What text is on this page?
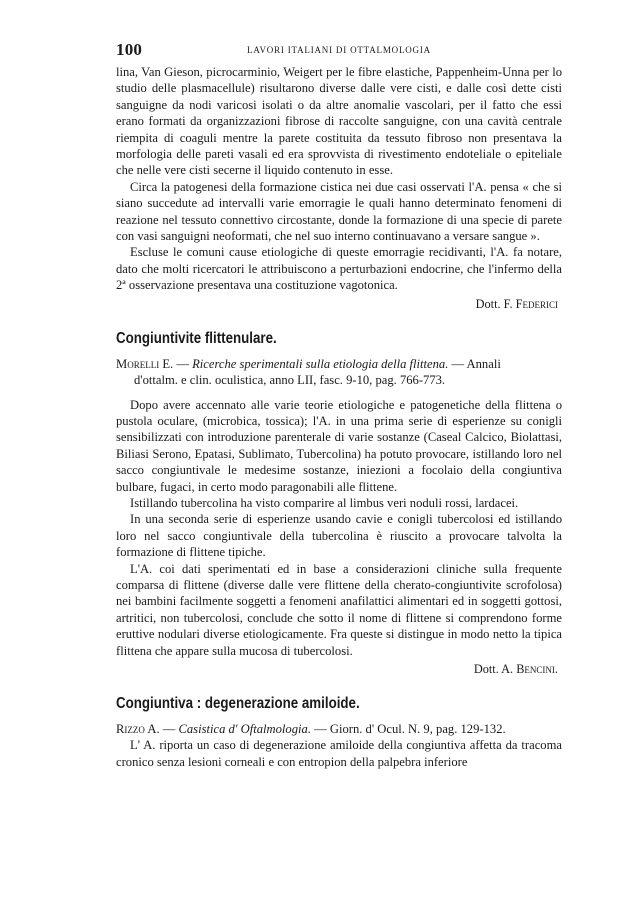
100	LAVORI ITALIANI DI OTTALMOLOGIA

lina, Van Gieson, picrocarminio, Weigert per le fibre elastiche, Pappenheim-Unna per lo studio delle plasmacellule) risultarono diverse dalle vere cisti, e dalle così dette cisti sanguigne da nodi varicosi isolati o da altre anomalie vascolari, per il fatto che essi erano formati da organizzazioni fibrose di raccolte sanguigne, con una cavità centrale riempita di coaguli mentre la parete costituita da tessuto fibroso non presentava la morfologia delle pareti vasali ed era sprovvista di rivestimento endoteliale o epiteliale che nelle vere cisti secerne il liquido contenuto in esse.

Circa la patogenesi della formazione cistica nei due casi osservati l'A. pensa « che si siano succedute ad intervalli varie emorragie le quali hanno determinato fenomeni di reazione nel tessuto connettivo circostante, donde la formazione di una specie di parete con vasi sanguigni neoformati, che nel suo interno continuavano a versare sangue ».

Escluse le comuni cause etiologiche di queste emorragie recidivanti, l'A. fa notare, dato che molti ricercatori le attribuiscono a perturbazioni endocrine, che l'infermo della 2ª osservazione presentava una costituzione vagotonica.

Dott. F. Federici
Congiuntivite flittenulare.
Morelli E. — Ricerche sperimentali sulla etiologia della flittena. — Annali
d'ottalm. e clin. oculistica, anno LII, fasc. 9-10, pag. 766-773.

Dopo avere accennato alle varie teorie etiologiche e patogenetiche della flittena o pustola oculare, (microbica, tossica); l'A. in una prima serie di esperienze su conigli sensibilizzati con introduzione parenterale di varie sostanze (Caseal Calcico, Biolattasi, Biliasi Serono, Epatasi, Sublimato, Tubercolina) ha potuto provocare, istillando loro nel sacco congiuntivale le medesime sostanze, iniezioni a focolaio della congiuntiva bulbare, fugaci, in certo modo paragonabili alle flittene.

Istillando tubercolina ha visto comparire al limbus veri noduli rossi, lardacei.

In una seconda serie di esperienze usando cavie e conigli tubercolosi ed istillando loro nel sacco congiuntivale della tubercolina è riuscito a provocare talvolta la formazione di flittene tipiche.

L'A. coi dati sperimentati ed in base a considerazioni cliniche sulla frequente comparsa di flittene (diverse dalle vere flittene della cherato-congiuntivite scrofolosa) nei bambini facilmente soggetti a fenomeni anafilattici alimentari ed in soggetti gottosi, artritici, non tubercolosi, conclude che sotto il nome di flittene si comprendono forme eruttive nodulari diverse etiologicamente. Fra queste si distingue in modo netto la tipica flittena che appare sulla mucosa di tubercolosi.

Dott. A. Bencini.
Congiuntiva : degenerazione amiloide.
Rizzo A. — Casistica d' Oftalmologia. — Giorn. d' Ocul. N. 9, pag. 129-132.

L' A. riporta un caso di degenerazione amiloide della congiuntiva affetta da tracoma cronico senza lesioni corneali e con entropion della palpebra inferiore
